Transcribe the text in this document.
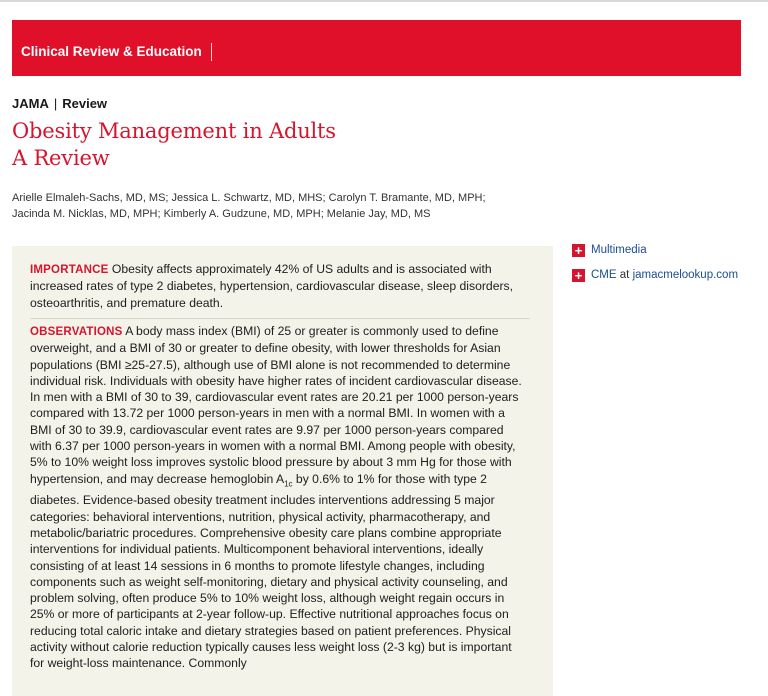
Clinical Review & Education
JAMA | Review
Obesity Management in Adults
A Review
Arielle Elmaleh-Sachs, MD, MS; Jessica L. Schwartz, MD, MHS; Carolyn T. Bramante, MD, MPH;
Jacinda M. Nicklas, MD, MPH; Kimberly A. Gudzune, MD, MPH; Melanie Jay, MD, MS

IMPORTANCE Obesity affects approximately 42% of US adults and is associated with increased rates of type 2 diabetes, hypertension, cardiovascular disease, sleep disorders, osteoarthritis, and premature death.

OBSERVATIONS A body mass index (BMI) of 25 or greater is commonly used to define overweight, and a BMI of 30 or greater to define obesity, with lower thresholds for Asian populations (BMI ≥25-27.5), although use of BMI alone is not recommended to determine individual risk. Individuals with obesity have higher rates of incident cardiovascular disease. In men with a BMI of 30 to 39, cardiovascular event rates are 20.21 per 1000 person-years compared with 13.72 per 1000 person-years in men with a normal BMI. In women with a BMI of 30 to 39.9, cardiovascular event rates are 9.97 per 1000 person-years compared with 6.37 per 1000 person-years in women with a normal BMI. Among people with obesity, 5% to 10% weight loss improves systolic blood pressure by about 3 mm Hg for those with hypertension, and may decrease hemoglobin $A_{1c}$ by 0.6% to 1% for those with type 2 diabetes. Evidence-based obesity treatment includes interventions addressing 5 major categories: behavioral interventions, nutrition, physical activity, pharmacotherapy, and metabolic/bariatric procedures. Comprehensive obesity care plans combine appropriate interventions for individual patients. Multicomponent behavioral interventions, ideally consisting of at least 14 sessions in 6 months to promote lifestyle changes, including components such as weight self-monitoring, dietary and physical activity counseling, and problem solving, often produce 5% to 10% weight loss, although weight regain occurs in 25% or more of participants at 2-year follow-up. Effective nutritional approaches focus on reducing total caloric intake and dietary strategies based on patient preferences. Physical activity without calorie reduction typically causes less weight loss (2-3 kg) but is important for weight-loss maintenance. Commonly

+ Multimedia
+ CME at jamacmelookup.com
